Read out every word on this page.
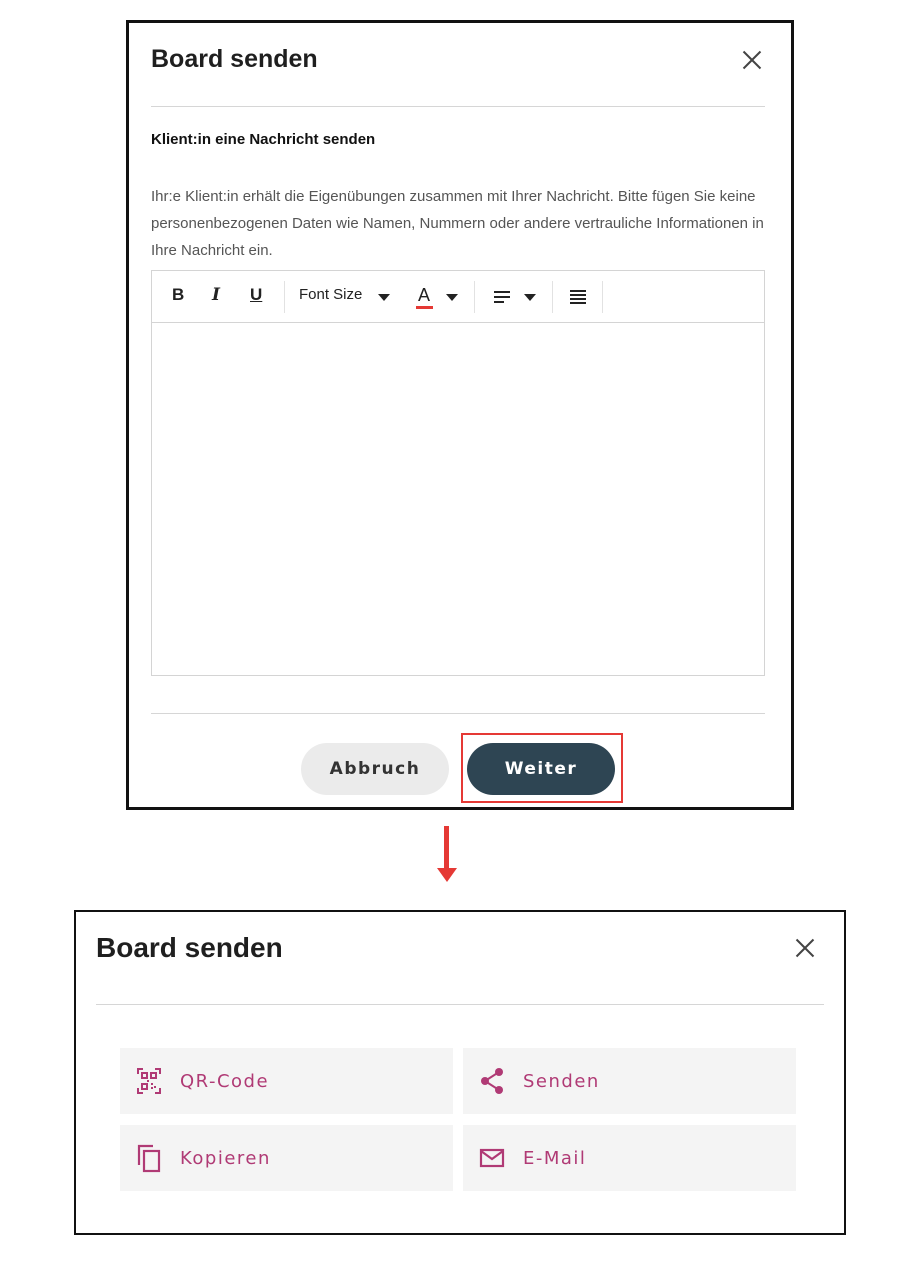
Board senden
Klient:in eine Nachricht senden
Ihr:e Klient:in erhält die Eigenübungen zusammen mit Ihrer Nachricht. Bitte fügen Sie keine personenbezogenen Daten wie Namen, Nummern oder andere vertrauliche Informationen in Ihre Nachricht ein.
B I U Font Size	A
Abbruch	Weiter
Board senden
QR-Code	Senden
Kopieren	E-Mail
